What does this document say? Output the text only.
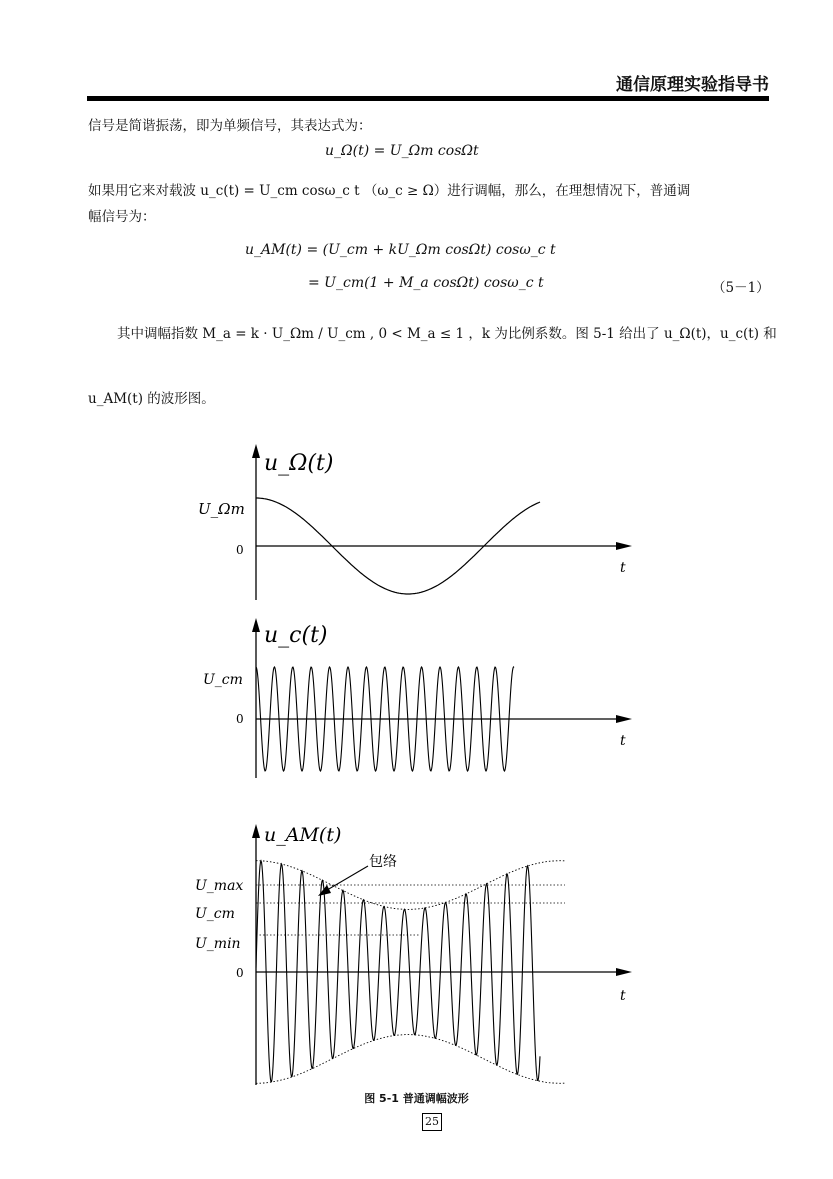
通信原理实验指导书
信号是简谐振荡，即为单频信号，其表达式为：
u_Ω(t) = U_Ωm cosΩt
如果用它来对载波 u_c(t) = U_cm cosω_c t （ω_c ≥ Ω）进行调幅，那么，在理想情况下，普通调
幅信号为：
u_AM(t) = (U_cm + kU_Ωm cosΩt) cosω_c t
= U_cm(1 + M_a cosΩt) cosω_c t	（5－1）
其中调幅指数 M_a = k · U_Ωm / U_cm , 0 < M_a ≤ 1 ，k 为比例系数。图 5-1 给出了 u_Ω(t)，u_c(t) 和
u_AM(t) 的波形图。
u_Ω(t)
U_Ωm
0
t
u_c(t)
U_cm
0
t
u_AM(t)
包络
U_max
U_cm
U_min
0
t
图 5-1 普通调幅波形
25
